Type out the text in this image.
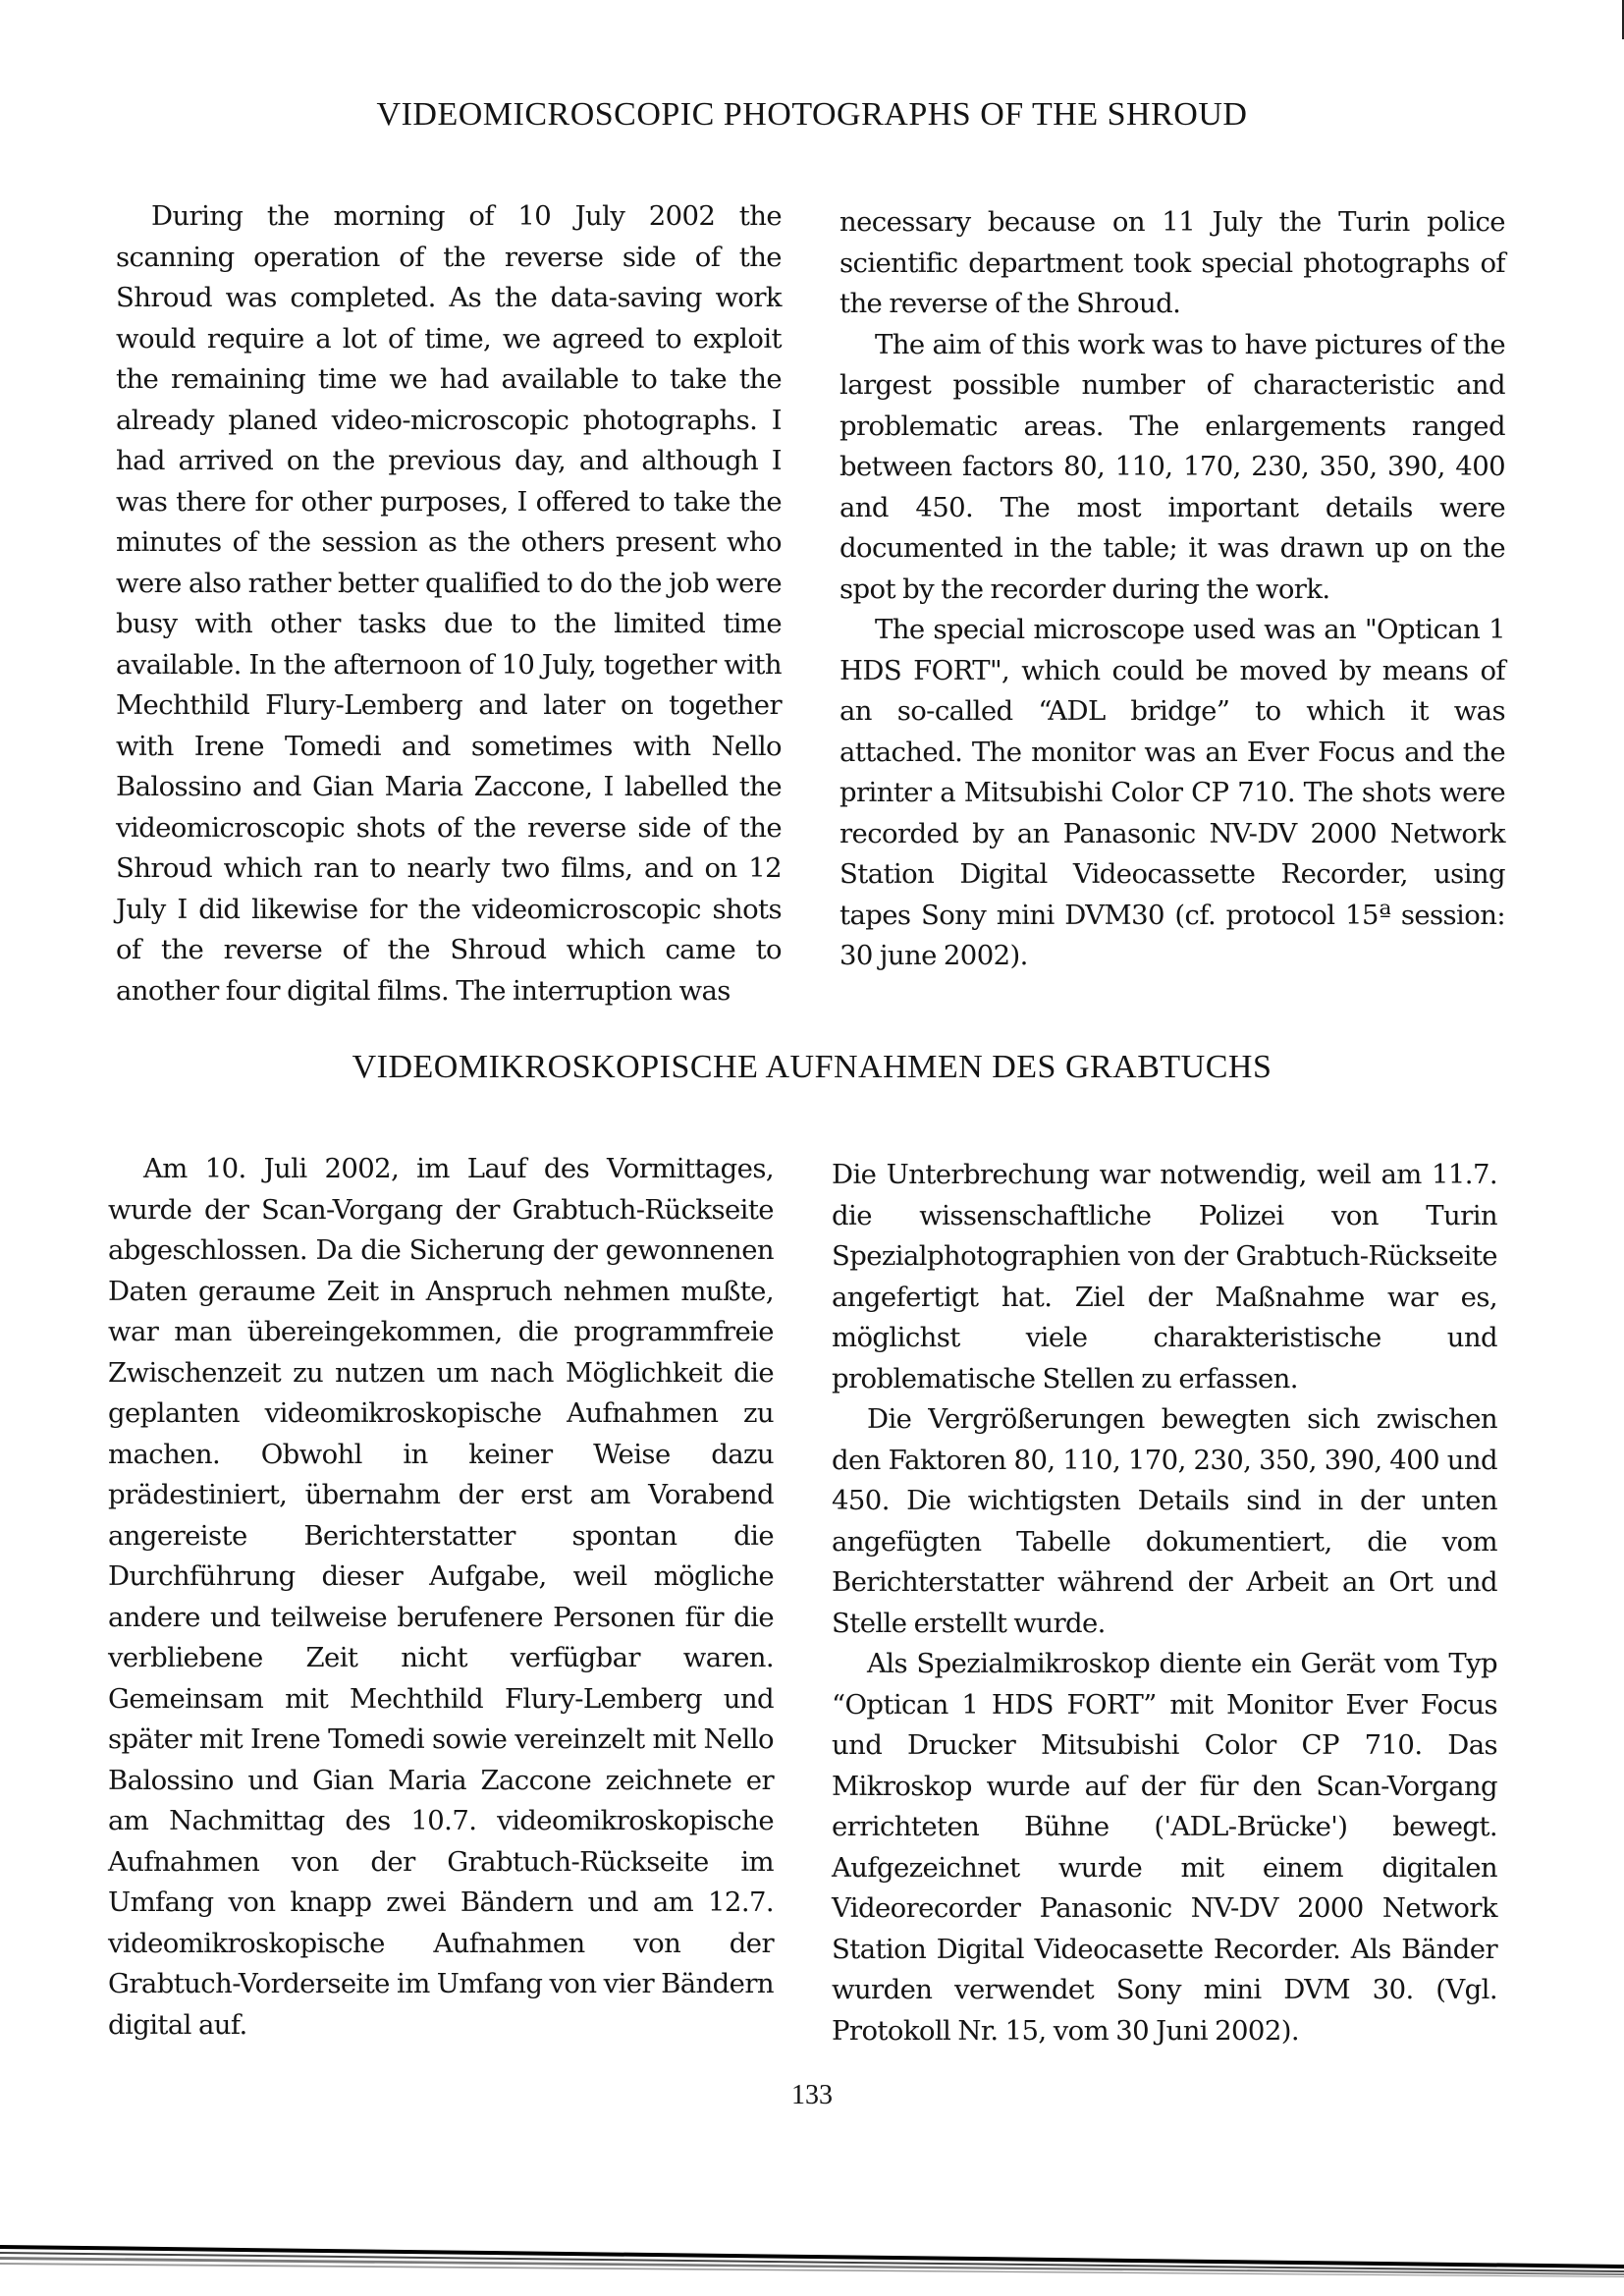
VIDEOMICROSCOPIC PHOTOGRAPHS OF THE SHROUD

During the morning of 10 July 2002 the scanning operation of the reverse side of the Shroud was completed. As the data-saving work would require a lot of time, we agreed to exploit the remaining time we had available to take the already planed video-microscopic photographs. I had arrived on the previous day, and although I was there for other purposes, I offered to take the minutes of the session as the others present who were also rather better qualified to do the job were busy with other tasks due to the limited time available. In the afternoon of 10 July, together with Mechthild Flury-Lemberg and later on together with Irene Tomedi and sometimes with Nello Balossino and Gian Maria Zaccone, I labelled the videomicroscopic shots of the reverse side of the Shroud which ran to nearly two films, and on 12 July I did likewise for the videomicroscopic shots of the reverse of the Shroud which came to another four digital films. The interruption was

necessary because on 11 July the Turin police scientific department took special photographs of the reverse of the Shroud.

The aim of this work was to have pictures of the largest possible number of characteristic and problematic areas. The enlargements ranged between factors 80, 110, 170, 230, 350, 390, 400 and 450. The most important details were documented in the table; it was drawn up on the spot by the recorder during the work.

The special microscope used was an "Optican 1 HDS FORT", which could be moved by means of an so-called “ADL bridge” to which it was attached. The monitor was an Ever Focus and the printer a Mitsubishi Color CP 710. The shots were recorded by an Panasonic NV-DV 2000 Network Station Digital Videocassette Recorder, using tapes Sony mini DVM30 (cf. protocol 15ª session: 30 june 2002).

VIDEOMIKROSKOPISCHE AUFNAHMEN DES GRABTUCHS

Am 10. Juli 2002, im Lauf des Vormittages, wurde der Scan-Vorgang der Grabtuch-Rückseite abgeschlossen. Da die Sicherung der gewonnenen Daten geraume Zeit in Anspruch nehmen mußte, war man übereingekommen, die programmfreie Zwischenzeit zu nutzen um nach Möglichkeit die geplanten videomikroskopische Aufnahmen zu machen. Obwohl in keiner Weise dazu prädestiniert, übernahm der erst am Vorabend angereiste Berichterstatter spontan die Durchführung dieser Aufgabe, weil mögliche andere und teilweise berufenere Personen für die verbliebene Zeit nicht verfügbar waren. Gemeinsam mit Mechthild Flury-Lemberg und später mit Irene Tomedi sowie vereinzelt mit Nello Balossino und Gian Maria Zaccone zeichnete er am Nachmittag des 10.7. videomikroskopische Aufnahmen von der Grabtuch-Rückseite im Umfang von knapp zwei Bändern und am 12.7. videomikroskopische Aufnahmen von der Grabtuch-Vorderseite im Umfang von vier Bändern digital auf.

Die Unterbrechung war notwendig, weil am 11.7. die wissenschaftliche Polizei von Turin Spezialphotographien von der Grabtuch-Rückseite angefertigt hat. Ziel der Maßnahme war es, möglichst viele charakteristische und problematische Stellen zu erfassen.

Die Vergrößerungen bewegten sich zwischen den Faktoren 80, 110, 170, 230, 350, 390, 400 und 450. Die wichtigsten Details sind in der unten angefügten Tabelle dokumentiert, die vom Berichterstatter während der Arbeit an Ort und Stelle erstellt wurde.

Als Spezialmikroskop diente ein Gerät vom Typ “Optican 1 HDS FORT” mit Monitor Ever Focus und Drucker Mitsubishi Color CP 710. Das Mikroskop wurde auf der für den Scan-Vorgang errichteten Bühne ('ADL-Brücke') bewegt. Aufgezeichnet wurde mit einem digitalen Videorecorder Panasonic NV-DV 2000 Network Station Digital Videocasette Recorder. Als Bänder wurden verwendet Sony mini DVM 30. (Vgl. Protokoll Nr. 15, vom 30 Juni 2002).

133
